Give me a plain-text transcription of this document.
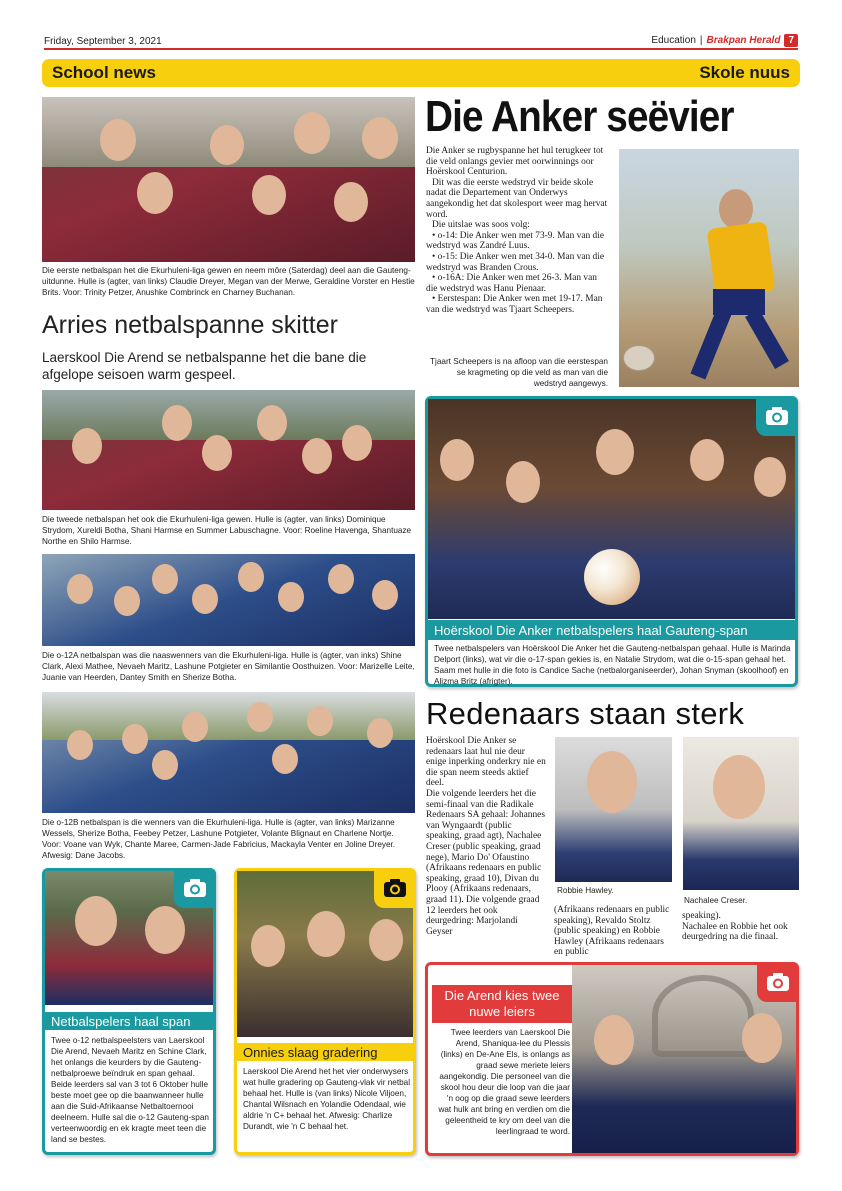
Friday, September 3, 2021	Education | Brakpan Herald 7
School news	Skole nuus
Die eerste netbalspan het die Ekurhuleni-liga gewen en neem môre (Saterdag) deel aan die Gauteng-uitdunne. Hulle is (agter, van links) Claudie Dreyer, Megan van der Merwe, Geraldine Vorster en Hestie Brits. Voor: Trinity Petzer, Anushke Combrinck en Charney Buchanan.
Arries netbalspanne skitter
Laerskool Die Arend se netbalspanne het die bane die afgelope seisoen warm gespeel.
Die tweede netbalspan het ook die Ekurhuleni-liga gewen. Hulle is (agter, van links) Dominique Strydom, Xureldi Botha, Shani Harmse en Summer Labuschagne. Voor: Roeline Havenga, Shantuaze Northe en Shilo Harmse.
Die o-12A netbalspan was die naaswenners van die Ekurhuleni-liga. Hulle is (agter, van inks) Shine Clark, Alexi Mathee, Nevaeh Maritz, Lashune Potgieter en Similantie Oosthuizen. Voor: Marizelle Leite, Juanie van Heerden, Dantey Smith en Sherize Botha.
Die o-12B netbalspan is die wenners van die Ekurhuleni-liga. Hulle is (agter, van links) Marizanne Wessels, Sherize Botha, Feebey Petzer, Lashune Potgieter, Volante Blignaut en Charlene Nortje. Voor: Voane van Wyk, Chante Maree, Carmen-Jade Fabricius, Mackayla Venter en Joline Dreyer. Afwesig: Dane Jacobs.
Netbalspelers haal span
Twee o-12 netbalspeelsters van Laerskool Die Arend, Nevaeh Maritz en Schine Clark, het onlangs die keurders by die Gauteng-netbalproewe beïndruk en span gehaal. Beide leerders sal van 3 tot 6 Oktober hulle beste moet gee op die baanwanneer hulle aan die Suid-Afrikaanse Netbaltoernooi deelneem. Hulle sal die o-12 Gauteng-span verteenwoordig en ek kragte meet teen die land se bestes.
Onnies slaag gradering
Laerskool Die Arend het het vier onderwysers wat hulle gradering op Gauteng-vlak vir netbal behaal het. Hulle is (van links) Nicole Viljoen, Chantal Wilsnach en Yolandie Odendaal, wie aldrie 'n C+ behaal het. Afwesig: Charlize Durandt, wie 'n C behaal het.
Die Anker seëvier
Die Anker se rugbyspanne het hul terugkeer tot die veld onlangs gevier met oorwinnings oor Hoërskool Centurion.
Dit was die eerste wedstryd vir beide skole nadat die Departement van Onderwys aangekondig het dat skolesport weer mag hervat word.
Die uitslae was soos volg:
• o-14: Die Anker wen met 73-9. Man van die wedstryd was Zandré Luus.
• o-15: Die Anker wen met 34-0. Man van die wedstryd was Branden Crous.
• o-16A: Die Anker wen met 26-3. Man van die wedstryd was Hanu Pienaar.
• Eerstespan: Die Anker wen met 19-17. Man van die wedstryd was Tjaart Scheepers.
Tjaart Scheepers is na afloop van die eerstespan se kragmeting op die veld as man van die wedstryd aangewys.
Hoërskool Die Anker netbalspelers haal Gauteng-span
Twee netbalspelers van Hoërskool Die Anker het die Gauteng-netbalspan gehaal. Hulle is Marinda Delport (links), wat vir die o-17-span gekies is, en Natalie Strydom, wat die o-15-span gehaal het. Saam met hulle in die foto is Candice Sache (netbalorganiseerder), Johan Snyman (skoolhoof) en Alizma Britz (afrigter).
Redenaars staan sterk
Hoërskool Die Anker se redenaars laat hul nie deur enige inperking onderkry nie en die span neem steeds aktief deel.
Die volgende leerders het die semi-finaal van die Radikale Redenaars SA gehaal: Johannes van Wyngaardt (public speaking, graad agt), Nachalee Creser (public speaking, graad nege), Mario Do' Ofaustino (Afrikaans redenaars en public speaking, graad 10), Divan du Plooy (Afrikaans redenaars, graad 11). Die volgende graad 12 leerders het ook deurgedring: Marjolandi Geyser
Robbie Hawley.
(Afrikaans redenaars en public speaking), Revaldo Stoltz (public speaking) en Robbie Hawley (Afrikaans redenaars en public
Nachalee Creser.
speaking).
Nachalee en Robbie het ook deurgedring na die finaal.
Die Arend kies twee nuwe leiers
Twee leerders van Laerskool Die Arend, Shaniqua-lee du Plessis (links) en De-Ane Els, is onlangs as graad sewe meriete leiers aangekondig. Die personeel van die skool hou deur die loop van die jaar 'n oog op die graad sewe leerders wat hulk ant bring en verdien om die geleentheid te kry om deel van die leerlingraad te word.
